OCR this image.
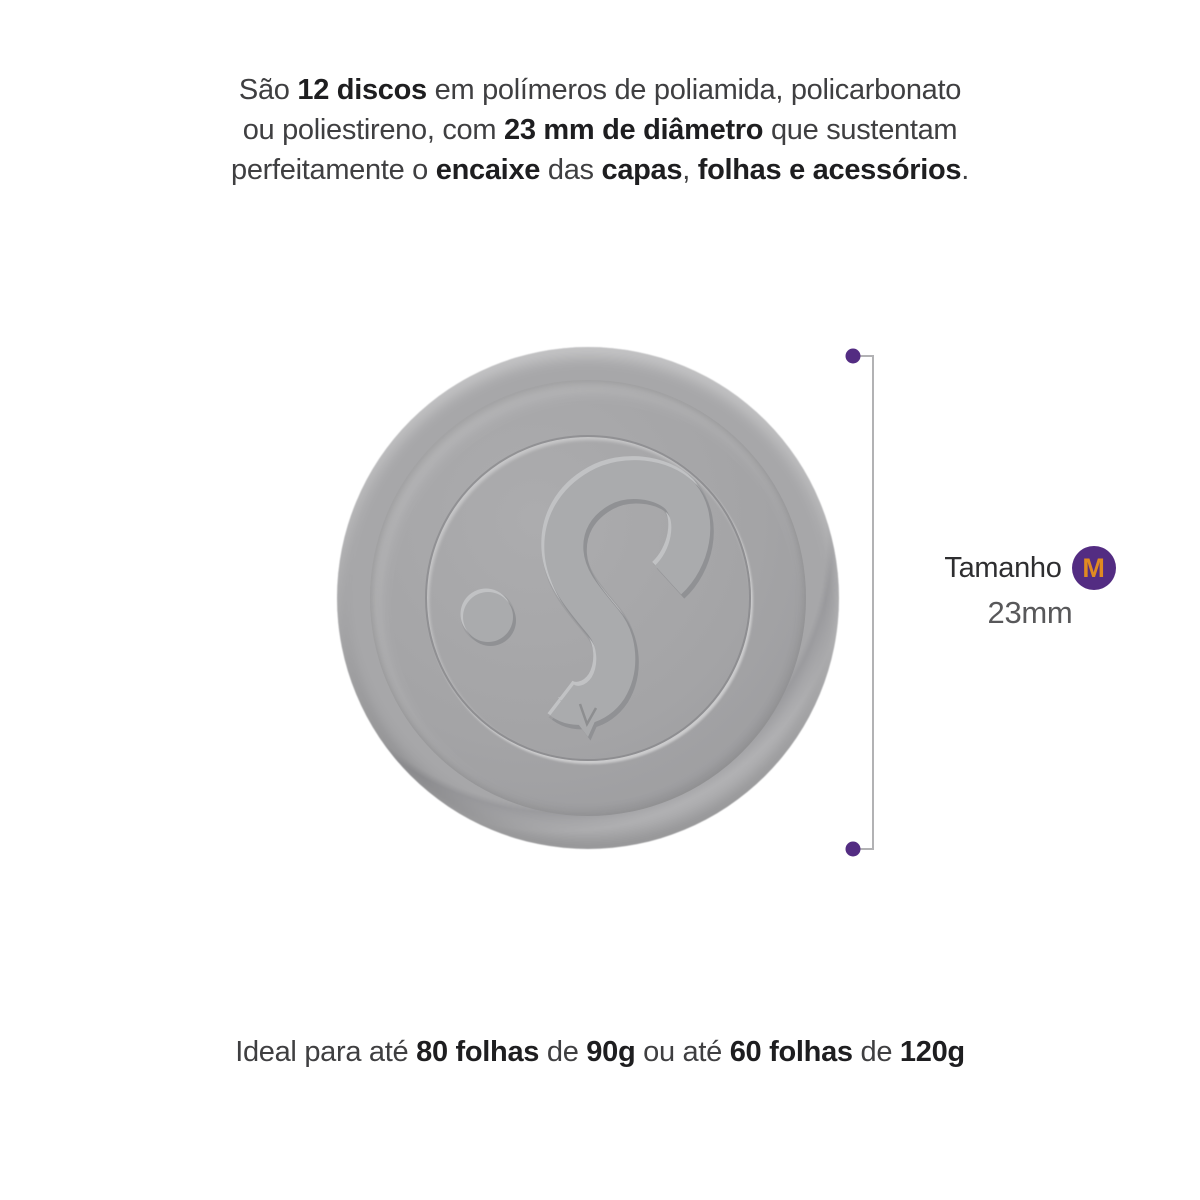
São 12 discos em polímeros de poliamida, policarbonato
ou poliestireno, com 23 mm de diâmetro que sustentam
perfeitamente o encaixe das capas, folhas e acessórios.

Tamanho M
23mm

Ideal para até 80 folhas de 90g ou até 60 folhas de 120g
